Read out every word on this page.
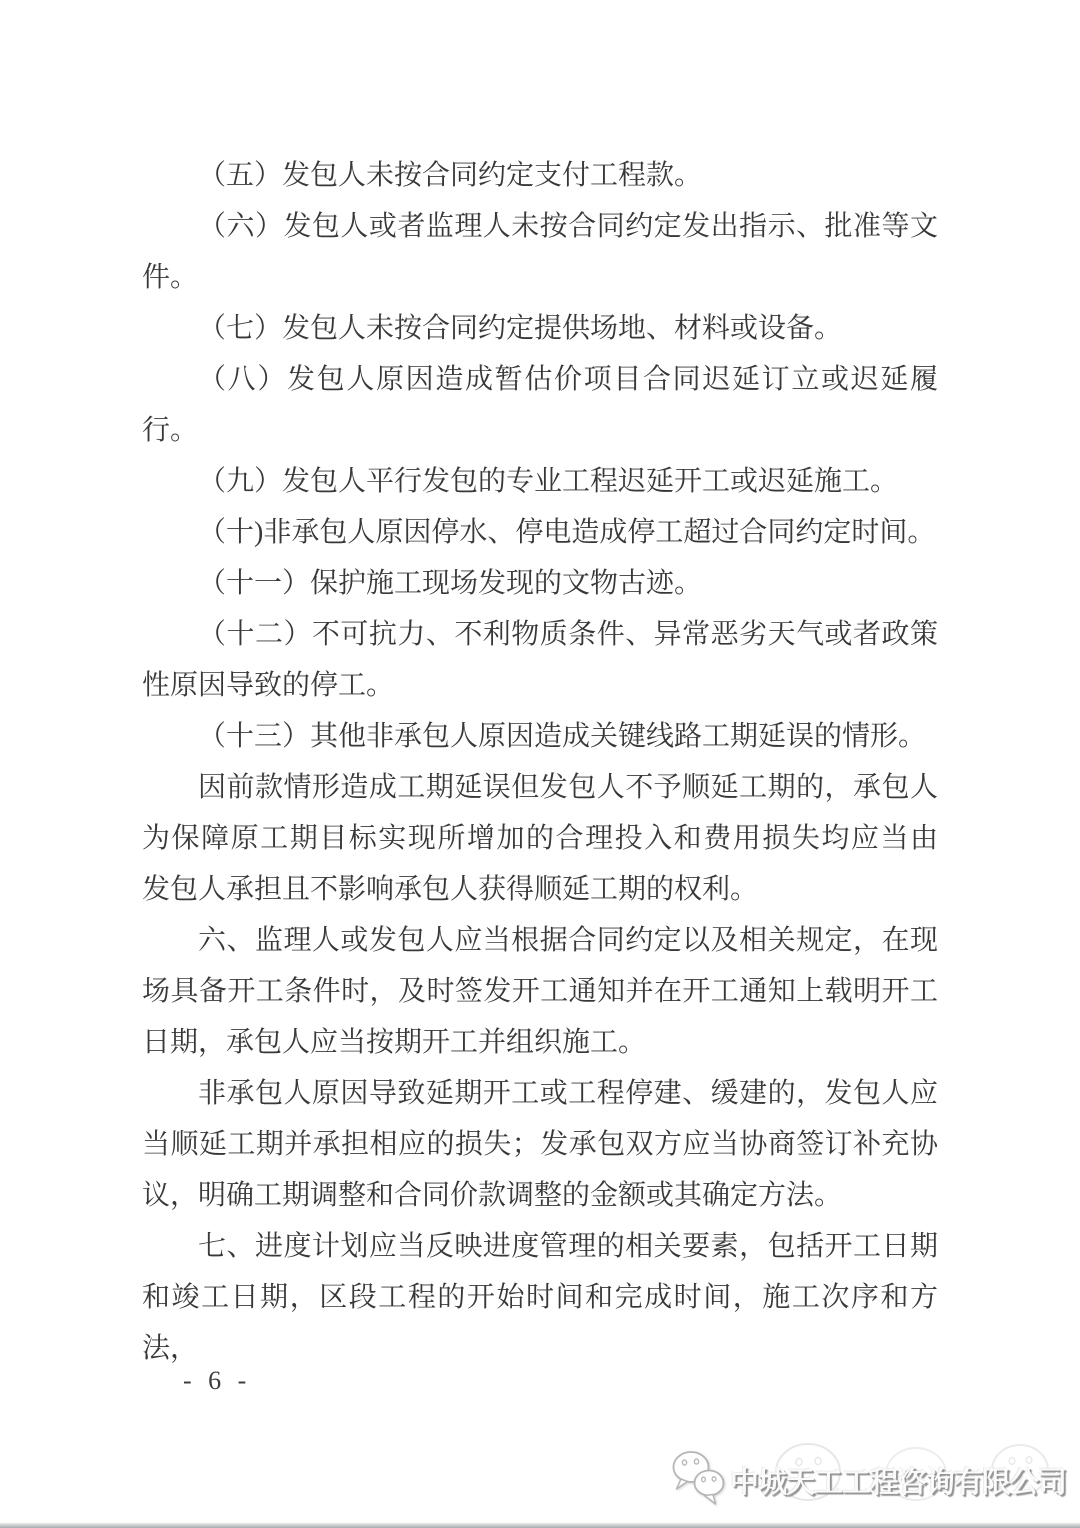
（五）发包人未按合同约定支付工程款。
（六）发包人或者监理人未按合同约定发出指示、批准等文
件。
（七）发包人未按合同约定提供场地、材料或设备。
（八）发包人原因造成暂估价项目合同迟延订立或迟延履
行。
（九）发包人平行发包的专业工程迟延开工或迟延施工。
（十)非承包人原因停水、停电造成停工超过合同约定时间。
（十一）保护施工现场发现的文物古迹。
（十二）不可抗力、不利物质条件、异常恶劣天气或者政策
性原因导致的停工。
（十三）其他非承包人原因造成关键线路工期延误的情形。
因前款情形造成工期延误但发包人不予顺延工期的，承包人
为保障原工期目标实现所增加的合理投入和费用损失均应当由
发包人承担且不影响承包人获得顺延工期的权利。
六、监理人或发包人应当根据合同约定以及相关规定，在现
场具备开工条件时，及时签发开工通知并在开工通知上载明开工
日期，承包人应当按期开工并组织施工。
非承包人原因导致延期开工或工程停建、缓建的，发包人应
当顺延工期并承担相应的损失；发承包双方应当协商签订补充协
议，明确工期调整和合同价款调整的金额或其确定方法。
七、进度计划应当反映进度管理的相关要素，包括开工日期
和竣工日期，区段工程的开始时间和完成时间，施工次序和方法，
- 6 -
中城天工工程咨询有限公司
